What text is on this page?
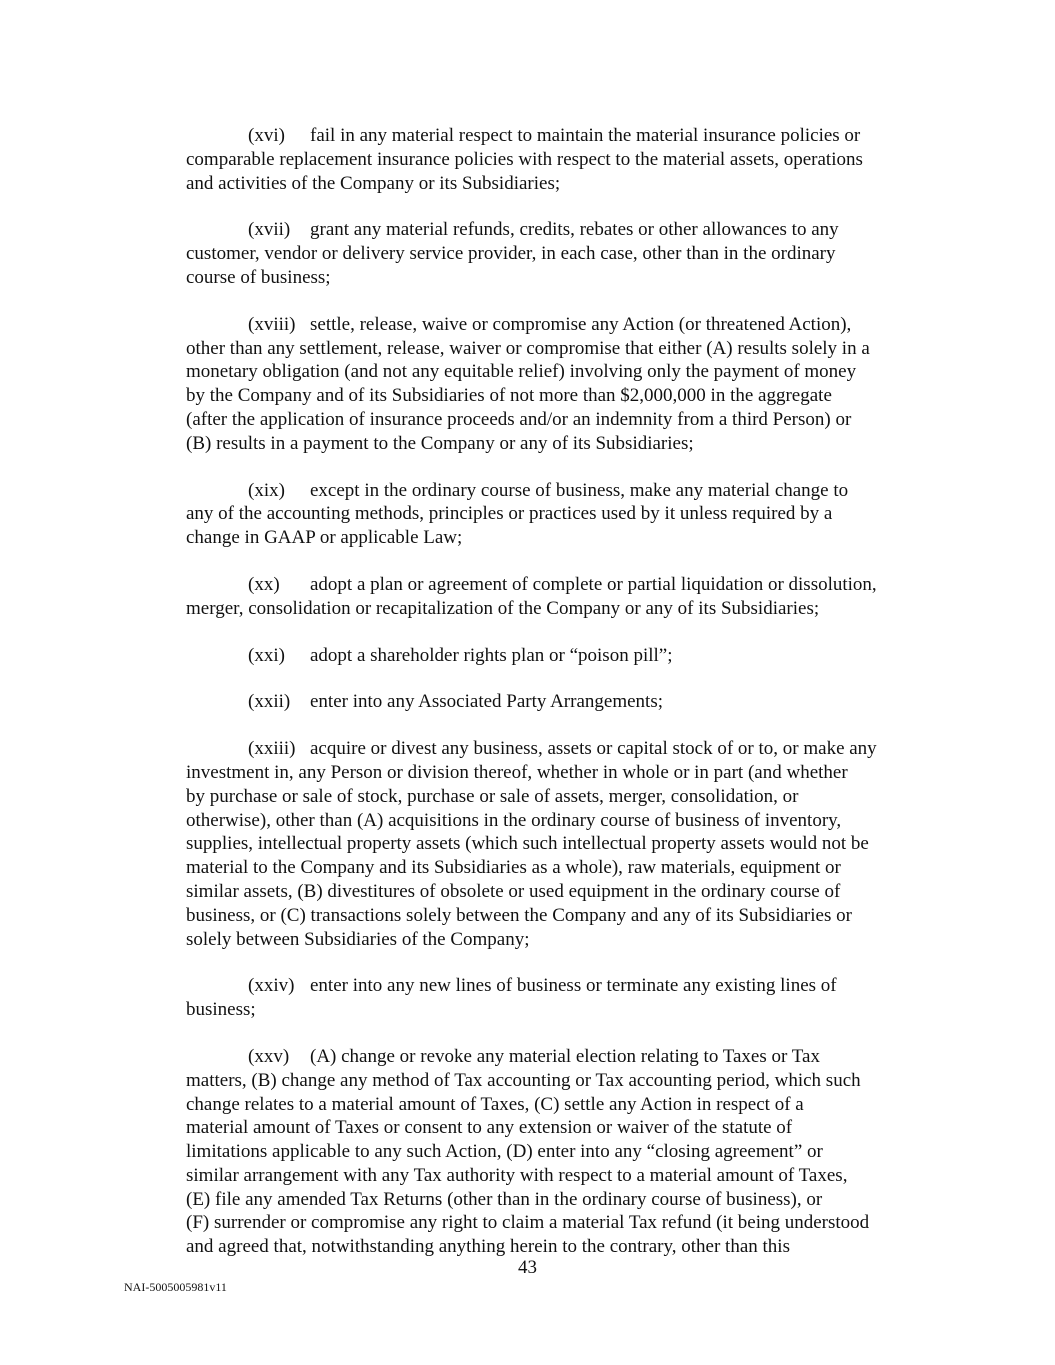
(xvi) fail in any material respect to maintain the material insurance policies or
comparable replacement insurance policies with respect to the material assets, operations
and activities of the Company or its Subsidiaries;
(xvii) grant any material refunds, credits, rebates or other allowances to any
customer, vendor or delivery service provider, in each case, other than in the ordinary
course of business;
(xviii) settle, release, waive or compromise any Action (or threatened Action),
other than any settlement, release, waiver or compromise that either (A) results solely in a
monetary obligation (and not any equitable relief) involving only the payment of money
by the Company and of its Subsidiaries of not more than $2,000,000 in the aggregate
(after the application of insurance proceeds and/or an indemnity from a third Person) or
(B) results in a payment to the Company or any of its Subsidiaries;
(xix) except in the ordinary course of business, make any material change to
any of the accounting methods, principles or practices used by it unless required by a
change in GAAP or applicable Law;
(xx) adopt a plan or agreement of complete or partial liquidation or dissolution,
merger, consolidation or recapitalization of the Company or any of its Subsidiaries;
(xxi) adopt a shareholder rights plan or “poison pill”;
(xxii) enter into any Associated Party Arrangements;
(xxiii) acquire or divest any business, assets or capital stock of or to, or make any
investment in, any Person or division thereof, whether in whole or in part (and whether
by purchase or sale of stock, purchase or sale of assets, merger, consolidation, or
otherwise), other than (A) acquisitions in the ordinary course of business of inventory,
supplies, intellectual property assets (which such intellectual property assets would not be
material to the Company and its Subsidiaries as a whole), raw materials, equipment or
similar assets, (B) divestitures of obsolete or used equipment in the ordinary course of
business, or (C) transactions solely between the Company and any of its Subsidiaries or
solely between Subsidiaries of the Company;
(xxiv) enter into any new lines of business or terminate any existing lines of
business;
(xxv) (A) change or revoke any material election relating to Taxes or Tax
matters, (B) change any method of Tax accounting or Tax accounting period, which such
change relates to a material amount of Taxes, (C) settle any Action in respect of a
material amount of Taxes or consent to any extension or waiver of the statute of
limitations applicable to any such Action, (D) enter into any “closing agreement” or
similar arrangement with any Tax authority with respect to a material amount of Taxes,
(E) file any amended Tax Returns (other than in the ordinary course of business), or
(F) surrender or compromise any right to claim a material Tax refund (it being understood
and agreed that, notwithstanding anything herein to the contrary, other than this
43
NAI-5005005981v11
